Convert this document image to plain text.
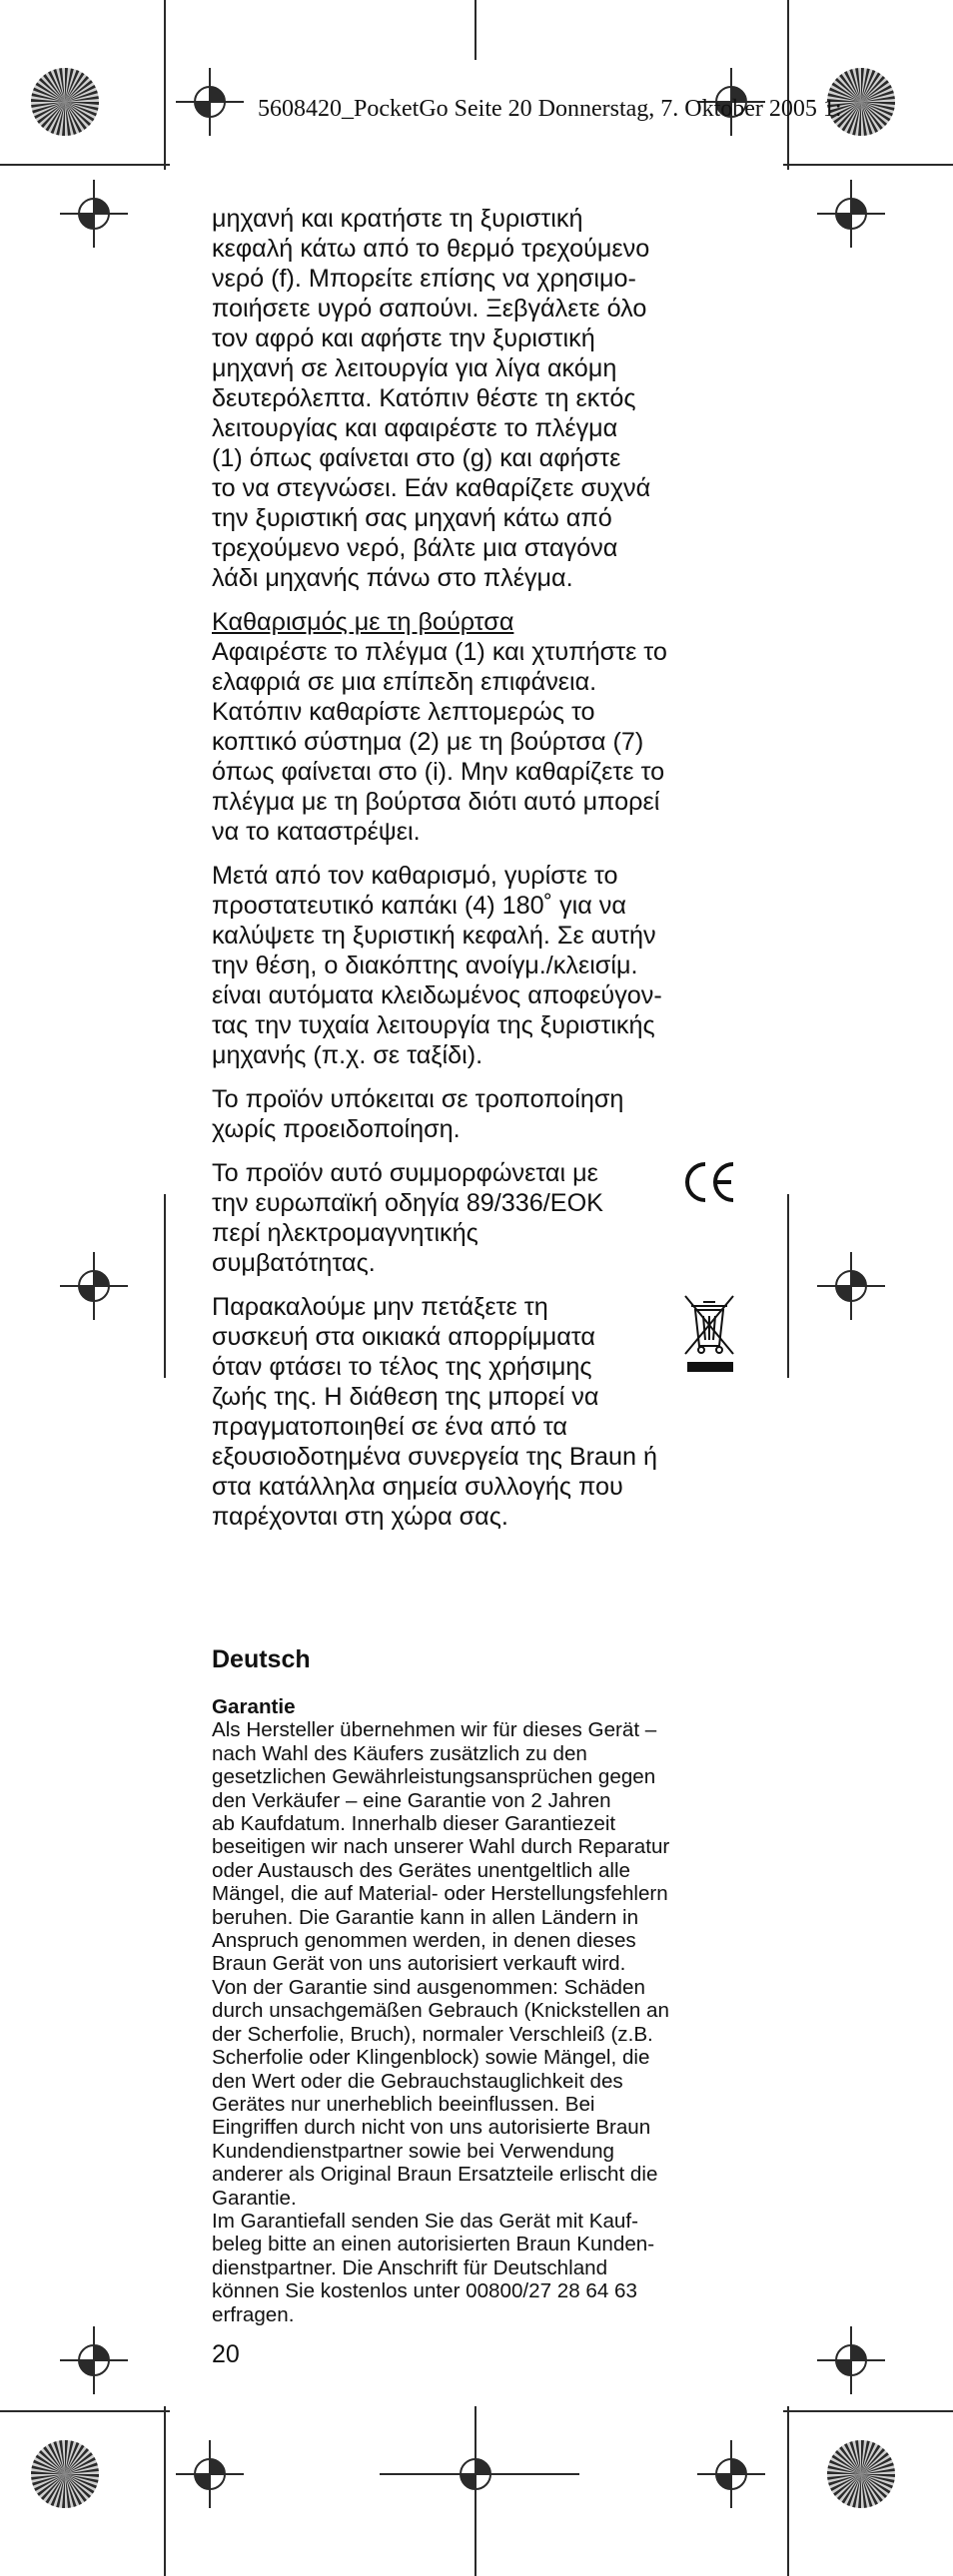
5608420_PocketGo Seite 20 Donnerstag, 7. Oktober 2005 1:

μηχανή και κρατήστε τη ξυριστική
κεφαλή κάτω από το θερμό τρεχούμενο
νερό (f). Μπορείτε επίσης να χρησιμο-
ποιήσετε υγρό σαπούνι. Ξεβγάλετε όλο
τον αφρό και αφήστε την ξυριστική
μηχανή σε λειτουργία για λίγα ακόμη
δευτερόλεπτα. Κατόπιν θέστε τη εκτός
λειτουργίας και αφαιρέστε το πλέγμα
(1) όπως φαίνεται στο (g) και αφήστε
το να στεγνώσει. Εάν καθαρίζετε συχνά
την ξυριστική σας μηχανή κάτω από
τρεχούμενο νερό, βάλτε μια σταγόνα
λάδι μηχανής πάνω στο πλέγμα.

Καθαρισμός με τη βούρτσα
Αφαιρέστε το πλέγμα (1) και χτυπήστε το
ελαφριά σε μια επίπεδη επιφάνεια.
Κατόπιν καθαρίστε λεπτομερώς το
κοπτικό σύστημα (2) με τη βούρτσα (7)
όπως φαίνεται στο (i). Μην καθαρίζετε το
πλέγμα με τη βούρτσα διότι αυτό μπορεί
να το καταστρέψει.

Μετά από τον καθαρισμό, γυρίστε το
προστατευτικό καπάκι (4) 180˚ για να
καλύψετε τη ξυριστική κεφαλή. Σε αυτήν
την θέση, ο διακόπτης ανοίγμ./κλεισίμ.
είναι αυτόματα κλειδωμένος αποφεύγον-
τας την τυχαία λειτουργία της ξυριστικής
μηχανής (π.χ. σε ταξίδι).

Το προϊόν υπόκειται σε τροποποίηση
χωρίς προειδοποίηση.

Το προϊόν αυτό συμμορφώνεται με
την ευρωπαϊκή οδηγία 89/336/ΕΟΚ
περί ηλεκτρομαγνητικής
συμβατότητας.

Παρακαλούμε μην πετάξετε τη
συσκευή στα οικιακά απορρίμματα
όταν φτάσει το τέλος της χρήσιμης
ζωής της. Η διάθεση της μπορεί να
πραγματοποιηθεί σε ένα από τα
εξουσιοδοτημένα συνεργεία της Braun ή
στα κατάλληλα σημεία συλλογής που
παρέχονται στη χώρα σας.

Deutsch

Garantie

Als Hersteller übernehmen wir für dieses Gerät –
nach Wahl des Käufers zusätzlich zu den
gesetzlichen Gewährleistungsansprüchen gegen
den Verkäufer – eine Garantie von 2 Jahren
ab Kaufdatum. Innerhalb dieser Garantiezeit
beseitigen wir nach unserer Wahl durch Reparatur
oder Austausch des Gerätes unentgeltlich alle
Mängel, die auf Material- oder Herstellungsfehlern
beruhen. Die Garantie kann in allen Ländern in
Anspruch genommen werden, in denen dieses
Braun Gerät von uns autorisiert verkauft wird.
Von der Garantie sind ausgenommen: Schäden
durch unsachgemäßen Gebrauch (Knickstellen an
der Scherfolie, Bruch), normaler Verschleiß (z.B.
Scherfolie oder Klingenblock) sowie Mängel, die
den Wert oder die Gebrauchstauglichkeit des
Gerätes nur unerheblich beeinflussen. Bei
Eingriffen durch nicht von uns autorisierte Braun
Kundendienstpartner sowie bei Verwendung
anderer als Original Braun Ersatzteile erlischt die
Garantie.
Im Garantiefall senden Sie das Gerät mit Kauf-
beleg bitte an einen autorisierten Braun Kunden-
dienstpartner. Die Anschrift für Deutschland
können Sie kostenlos unter 00800/27 28 64 63
erfragen.

20
